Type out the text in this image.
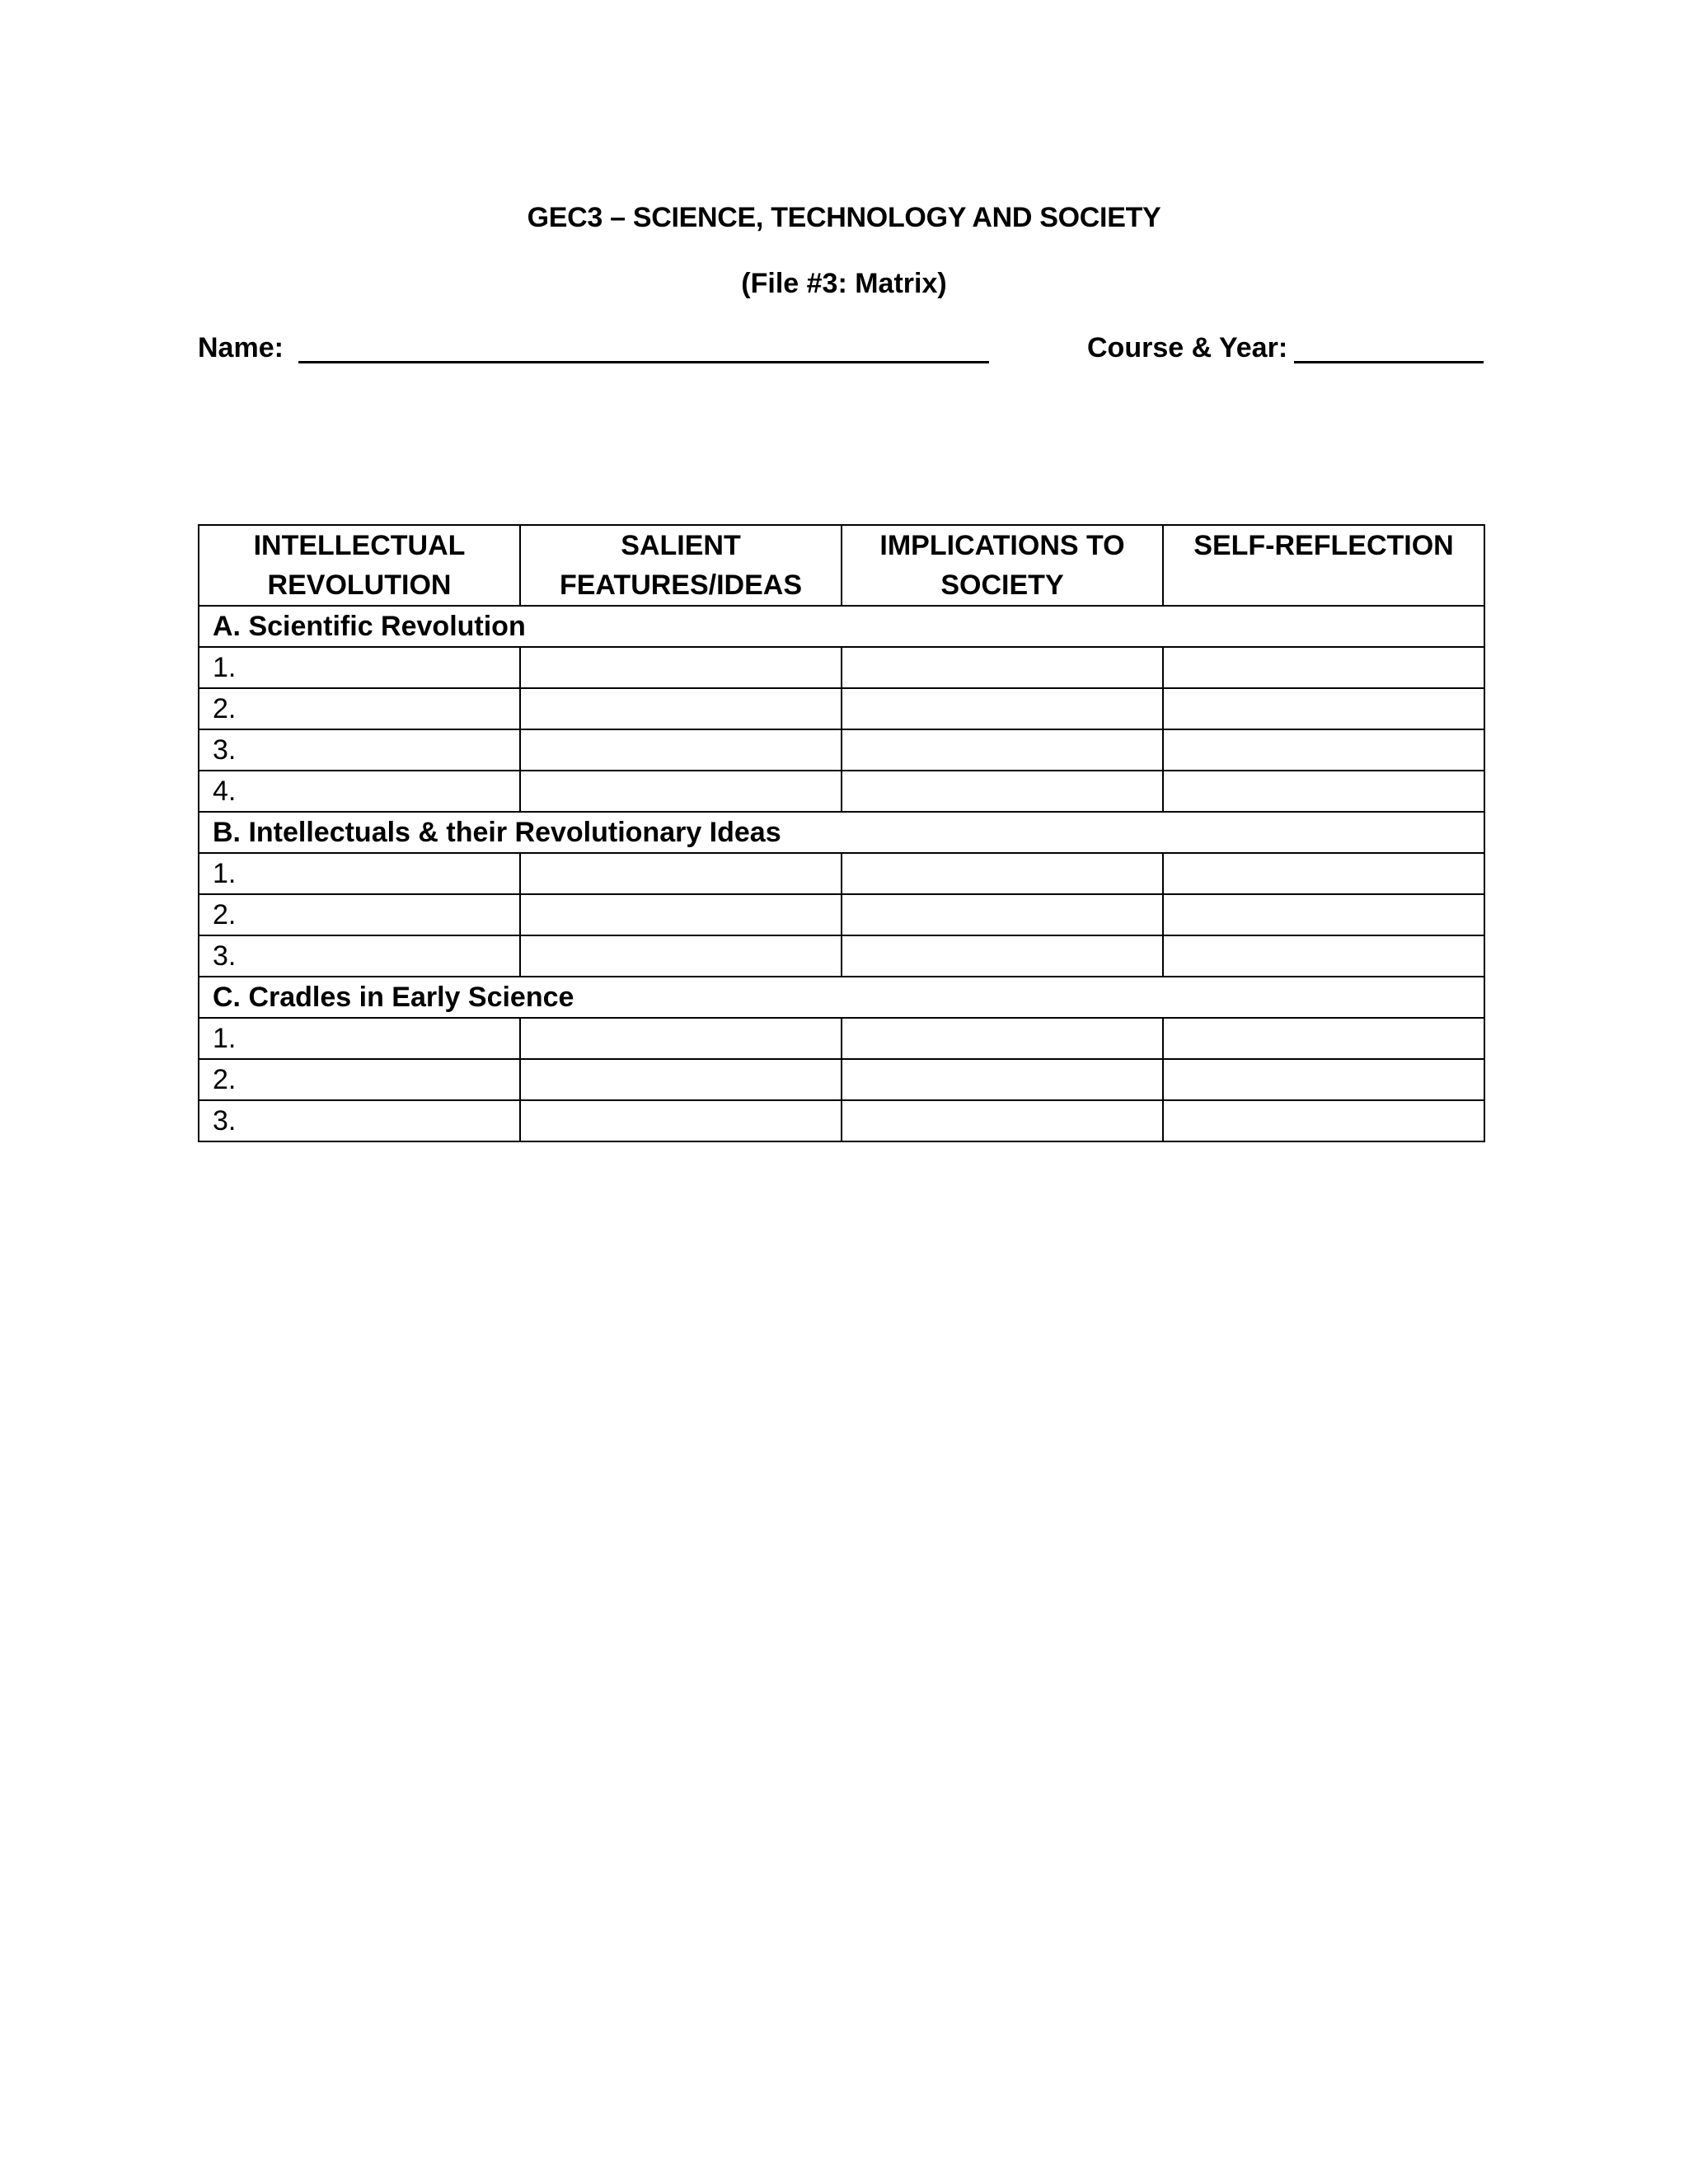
GEC3 – SCIENCE, TECHNOLOGY AND SOCIETY
(File #3: Matrix)
Name:	Course & Year:
INTELLECTUAL REVOLUTION	SALIENT FEATURES/IDEAS	IMPLICATIONS TO SOCIETY	SELF-REFLECTION
A. Scientific Revolution			
1.			
2.			
3.			
4.			
B. Intellectuals & their Revolutionary Ideas			
1.			
2.			
3.			
C. Cradles in Early Science			
1.			
2.			
3.			
